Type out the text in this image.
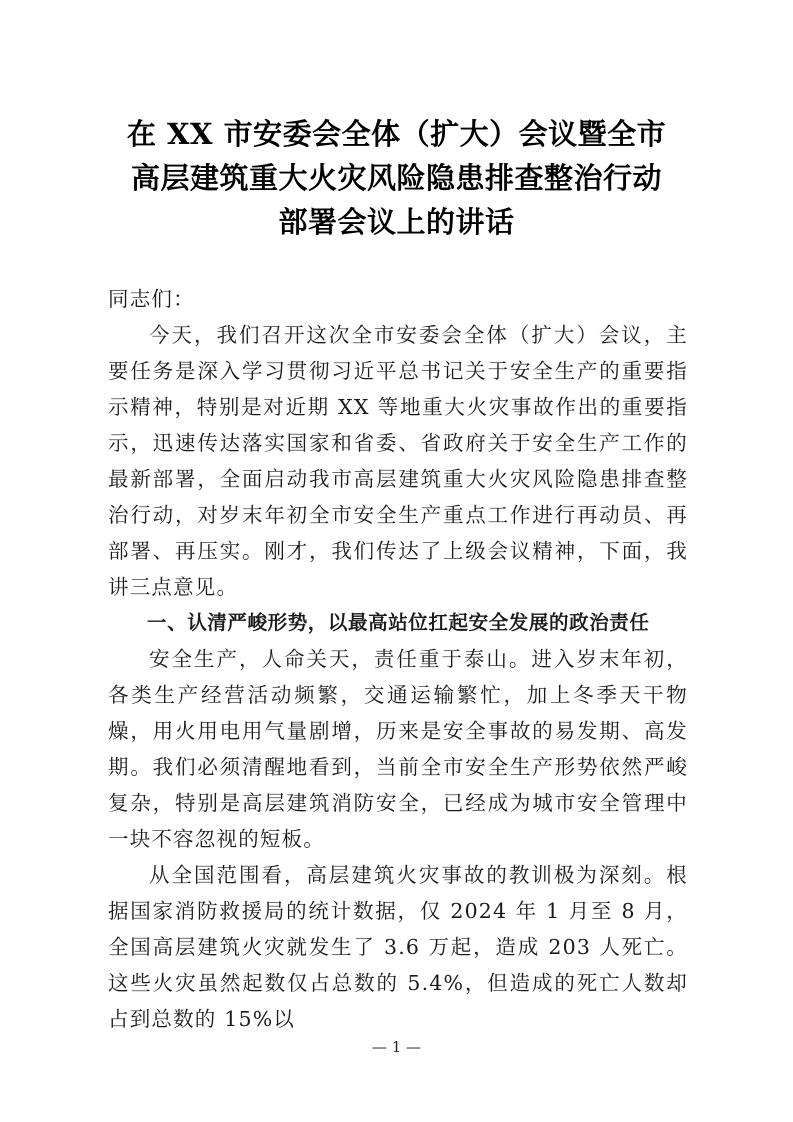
在 XX 市安委会全体（扩大）会议暨全市
高层建筑重大火灾风险隐患排查整治行动
部署会议上的讲话

同志们：

今天，我们召开这次全市安委会全体（扩大）会议，主要任务是深入学习贯彻习近平总书记关于安全生产的重要指示精神，特别是对近期 XX 等地重大火灾事故作出的重要指示，迅速传达落实国家和省委、省政府关于安全生产工作的最新部署，全面启动我市高层建筑重大火灾风险隐患排查整治行动，对岁末年初全市安全生产重点工作进行再动员、再部署、再压实。刚才，我们传达了上级会议精神，下面，我讲三点意见。

一、认清严峻形势，以最高站位扛起安全发展的政治责任

安全生产，人命关天，责任重于泰山。进入岁末年初，各类生产经营活动频繁，交通运输繁忙，加上冬季天干物燥，用火用电用气量剧增，历来是安全事故的易发期、高发期。我们必须清醒地看到，当前全市安全生产形势依然严峻复杂，特别是高层建筑消防安全，已经成为城市安全管理中一块不容忽视的短板。

从全国范围看，高层建筑火灾事故的教训极为深刻。根据国家消防救援局的统计数据，仅 2024 年 1 月至 8 月，全国高层建筑火灾就发生了 3.6 万起，造成 203 人死亡。这些火灾虽然起数仅占总数的 5.4%，但造成的死亡人数却占到总数的 15%以

— 1 —
